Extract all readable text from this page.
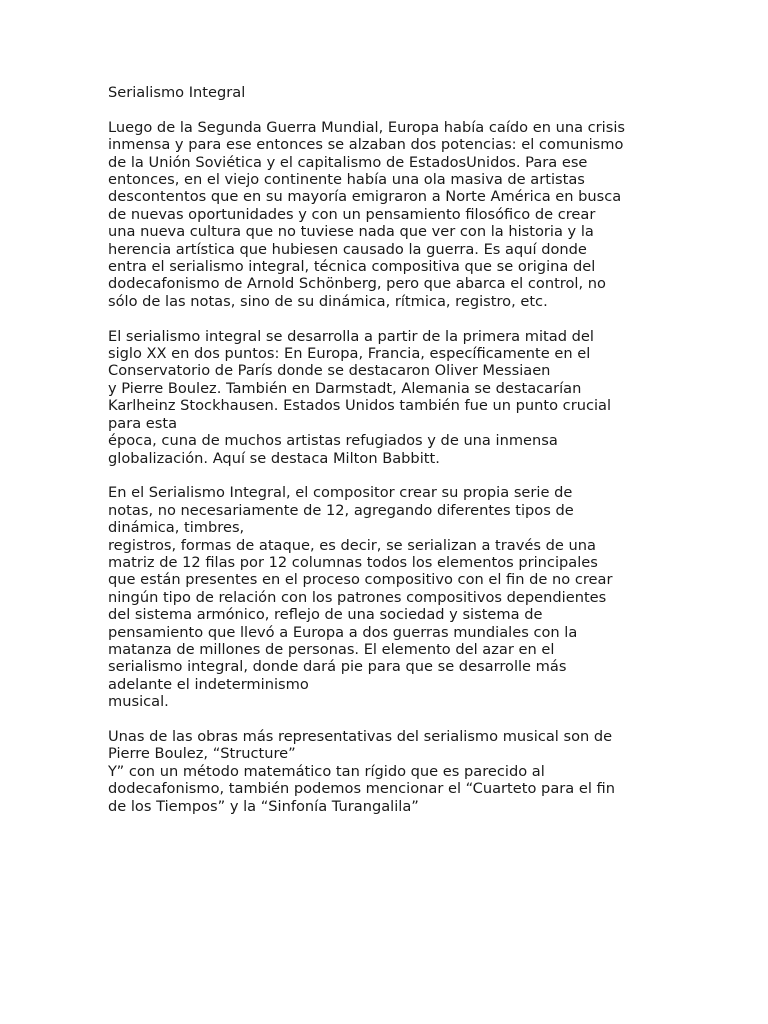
Serialismo Integral

Luego de la Segunda Guerra Mundial, Europa había caído en una crisis
inmensa y para ese entonces se alzaban dos potencias: el comunismo
de la Unión Soviética y el capitalismo de EstadosUnidos. Para ese
entonces, en el viejo continente había una ola masiva de artistas
descontentos que en su mayoría emigraron a Norte América en busca
de nuevas oportunidades y con un pensamiento filosófico de crear
una nueva cultura que no tuviese nada que ver con la historia y la
herencia artística que hubiesen causado la guerra. Es aquí donde
entra el serialismo integral, técnica compositiva que se origina del
dodecafonismo de Arnold Schönberg, pero que abarca el control, no
sólo de las notas, sino de su dinámica, rítmica, registro, etc.

El serialismo integral se desarrolla a partir de la primera mitad del
siglo XX en dos puntos: En Europa, Francia, específicamente en el
Conservatorio de París donde se destacaron Oliver Messiaen
y Pierre Boulez. También en Darmstadt, Alemania se destacarían
Karlheinz Stockhausen. Estados Unidos también fue un punto crucial
para esta
época, cuna de muchos artistas refugiados y de una inmensa
globalización. Aquí se destaca Milton Babbitt.

En el Serialismo Integral, el compositor crear su propia serie de
notas, no necesariamente de 12, agregando diferentes tipos de
dinámica, timbres,
registros, formas de ataque, es decir, se serializan a través de una
matriz de 12 filas por 12 columnas todos los elementos principales
que están presentes en el proceso compositivo con el fin de no crear
ningún tipo de relación con los patrones compositivos dependientes
del sistema armónico, reflejo de una sociedad y sistema de
pensamiento que llevó a Europa a dos guerras mundiales con la
matanza de millones de personas. El elemento del azar en el
serialismo integral, donde dará pie para que se desarrolle más
adelante el indeterminismo
musical.

Unas de las obras más representativas del serialismo musical son de
Pierre Boulez, “Structure”
Y” con un método matemático tan rígido que es parecido al
dodecafonismo, también podemos mencionar el “Cuarteto para el fin
de los Tiempos” y la “Sinfonía Turangalila”
